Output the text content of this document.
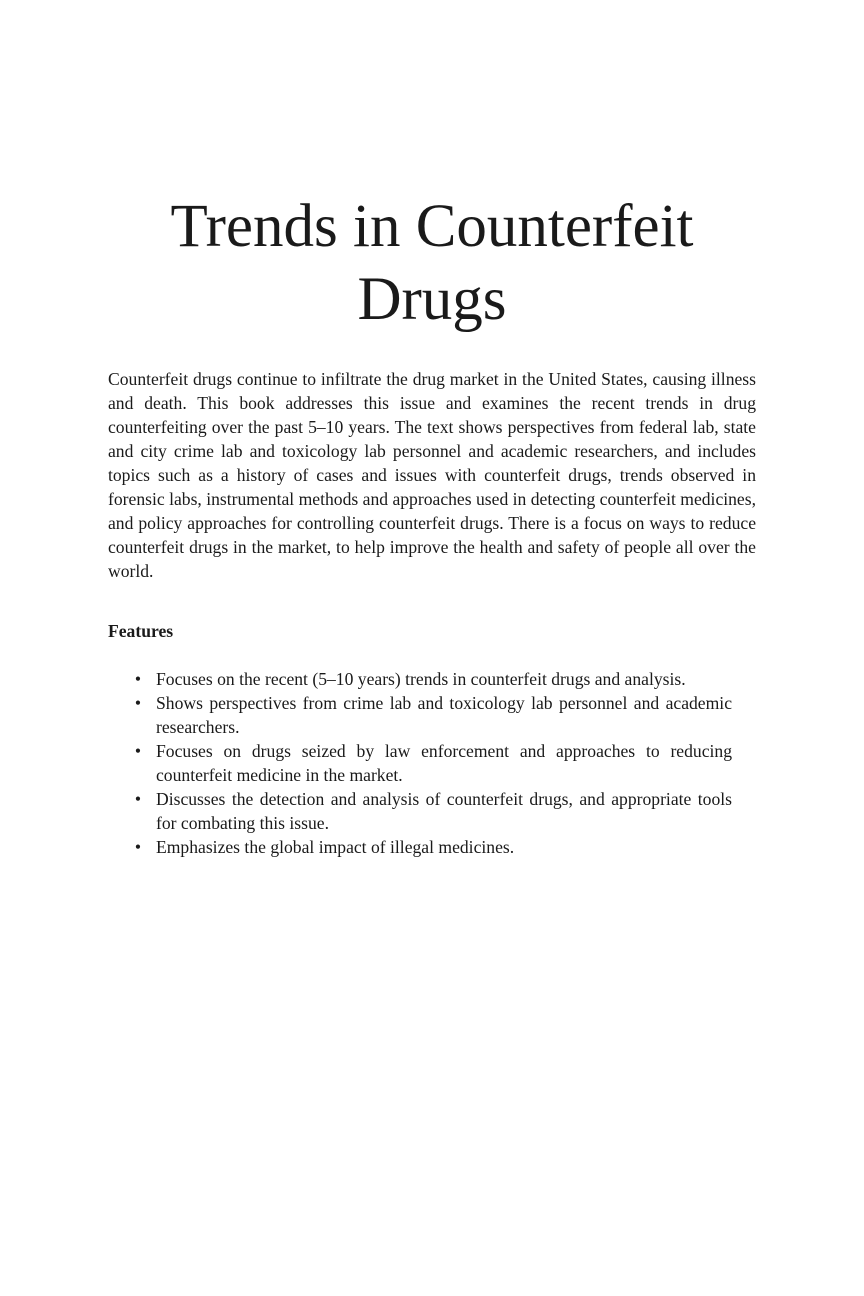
Trends in Counterfeit
Drugs

Counterfeit drugs continue to infiltrate the drug market in the United States, causing illness and death. This book addresses this issue and examines the recent trends in drug counterfeiting over the past 5–10 years. The text shows perspectives from federal lab, state and city crime lab and toxicology lab personnel and academic researchers, and includes topics such as a history of cases and issues with counterfeit drugs, trends observed in forensic labs, instrumental methods and approaches used in detecting counterfeit medicines, and policy approaches for controlling counterfeit drugs. There is a focus on ways to reduce counterfeit drugs in the market, to help improve the health and safety of people all over the world.

Features
• Focuses on the recent (5–10 years) trends in counterfeit drugs and analysis.
• Shows perspectives from crime lab and toxicology lab personnel and academic researchers.
• Focuses on drugs seized by law enforcement and approaches to reducing counterfeit medicine in the market.
• Discusses the detection and analysis of counterfeit drugs, and appropriate tools for combating this issue.
• Emphasizes the global impact of illegal medicines.
